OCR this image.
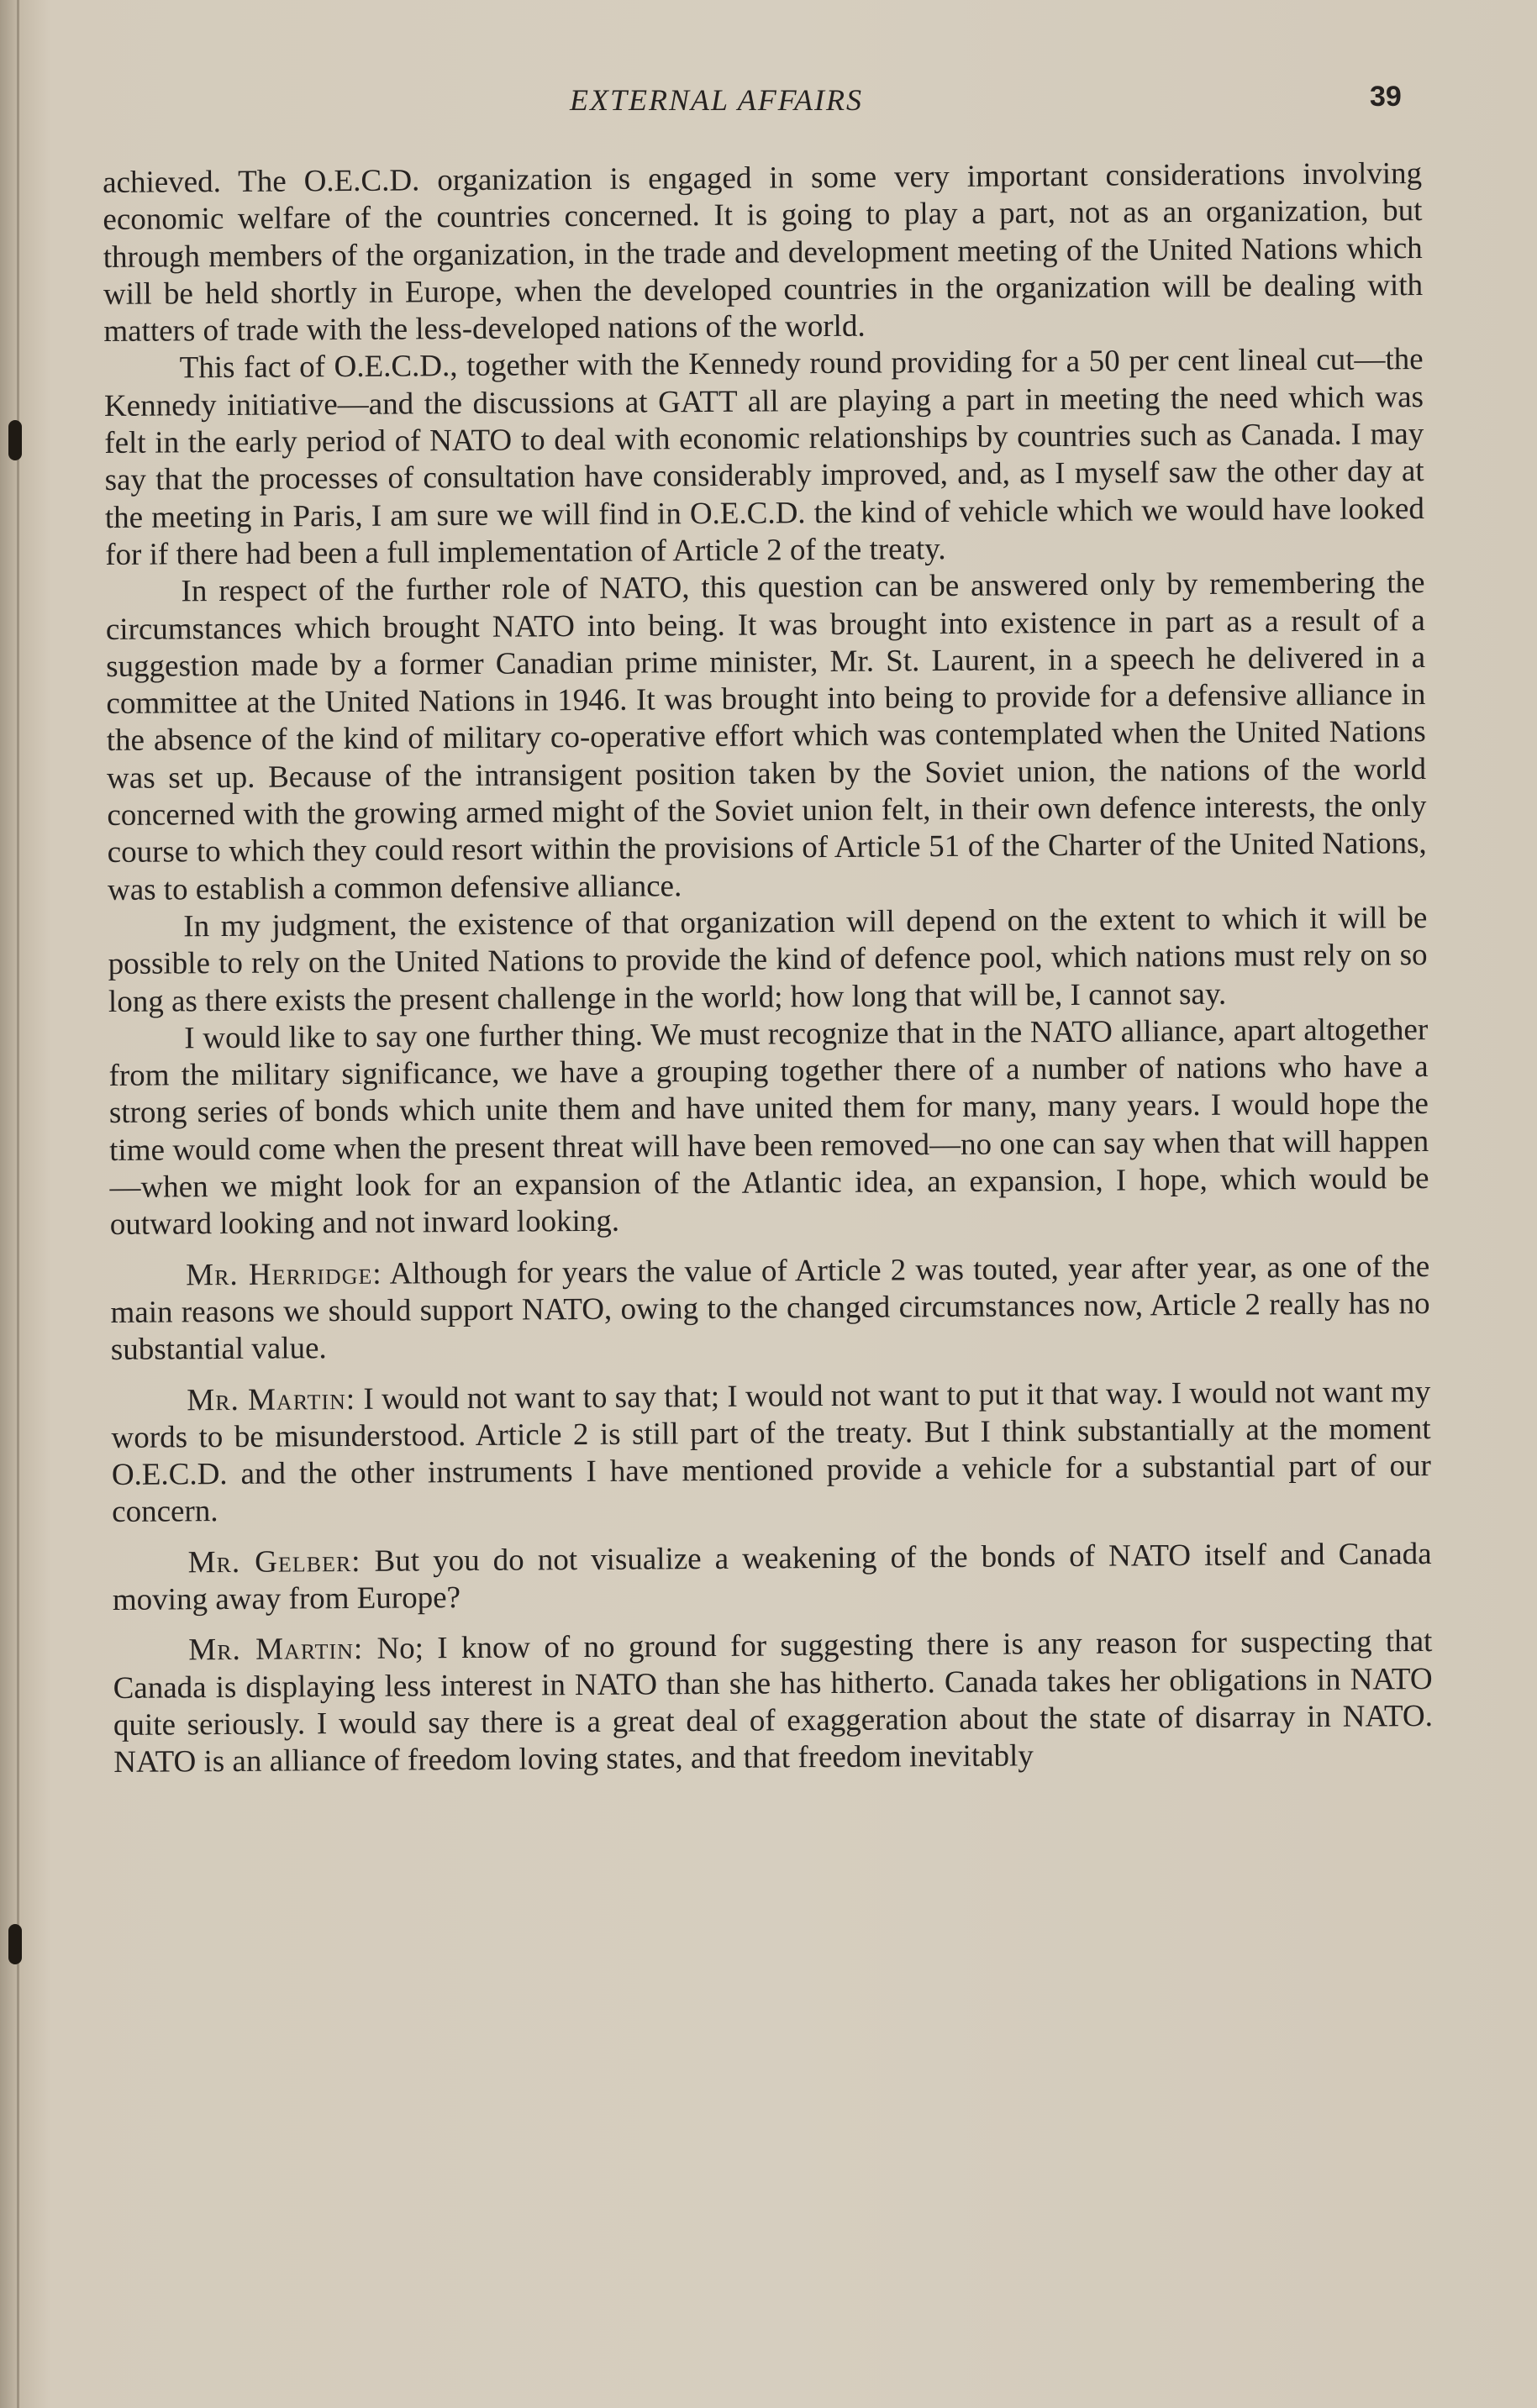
EXTERNAL AFFAIRS	39

achieved. The O.E.C.D. organization is engaged in some very important considerations involving economic welfare of the countries concerned. It is going to play a part, not as an organization, but through members of the organization, in the trade and development meeting of the United Nations which will be held shortly in Europe, when the developed countries in the organization will be dealing with matters of trade with the less-developed nations of the world.

This fact of O.E.C.D., together with the Kennedy round providing for a 50 per cent lineal cut—the Kennedy initiative—and the discussions at GATT all are playing a part in meeting the need which was felt in the early period of NATO to deal with economic relationships by countries such as Canada. I may say that the processes of consultation have considerably improved, and, as I myself saw the other day at the meeting in Paris, I am sure we will find in O.E.C.D. the kind of vehicle which we would have looked for if there had been a full implementation of Article 2 of the treaty.

In respect of the further role of NATO, this question can be answered only by remembering the circumstances which brought NATO into being. It was brought into existence in part as a result of a suggestion made by a former Canadian prime minister, Mr. St. Laurent, in a speech he delivered in a committee at the United Nations in 1946. It was brought into being to provide for a defensive alliance in the absence of the kind of military co-operative effort which was contemplated when the United Nations was set up. Because of the intransigent position taken by the Soviet union, the nations of the world concerned with the growing armed might of the Soviet union felt, in their own defence interests, the only course to which they could resort within the provisions of Article 51 of the Charter of the United Nations, was to establish a common defensive alliance.

In my judgment, the existence of that organization will depend on the extent to which it will be possible to rely on the United Nations to provide the kind of defence pool, which nations must rely on so long as there exists the present challenge in the world; how long that will be, I cannot say.

I would like to say one further thing. We must recognize that in the NATO alliance, apart altogether from the military significance, we have a grouping together there of a number of nations who have a strong series of bonds which unite them and have united them for many, many years. I would hope the time would come when the present threat will have been removed—no one can say when that will happen—when we might look for an expansion of the Atlantic idea, an expansion, I hope, which would be outward looking and not inward looking.

Mr. Herridge: Although for years the value of Article 2 was touted, year after year, as one of the main reasons we should support NATO, owing to the changed circumstances now, Article 2 really has no substantial value.

Mr. Martin: I would not want to say that; I would not want to put it that way. I would not want my words to be misunderstood. Article 2 is still part of the treaty. But I think substantially at the moment O.E.C.D. and the other instruments I have mentioned provide a vehicle for a substantial part of our concern.

Mr. Gelber: But you do not visualize a weakening of the bonds of NATO itself and Canada moving away from Europe?

Mr. Martin: No; I know of no ground for suggesting there is any reason for suspecting that Canada is displaying less interest in NATO than she has hitherto. Canada takes her obligations in NATO quite seriously. I would say there is a great deal of exaggeration about the state of disarray in NATO. NATO is an alliance of freedom loving states, and that freedom inevitably
